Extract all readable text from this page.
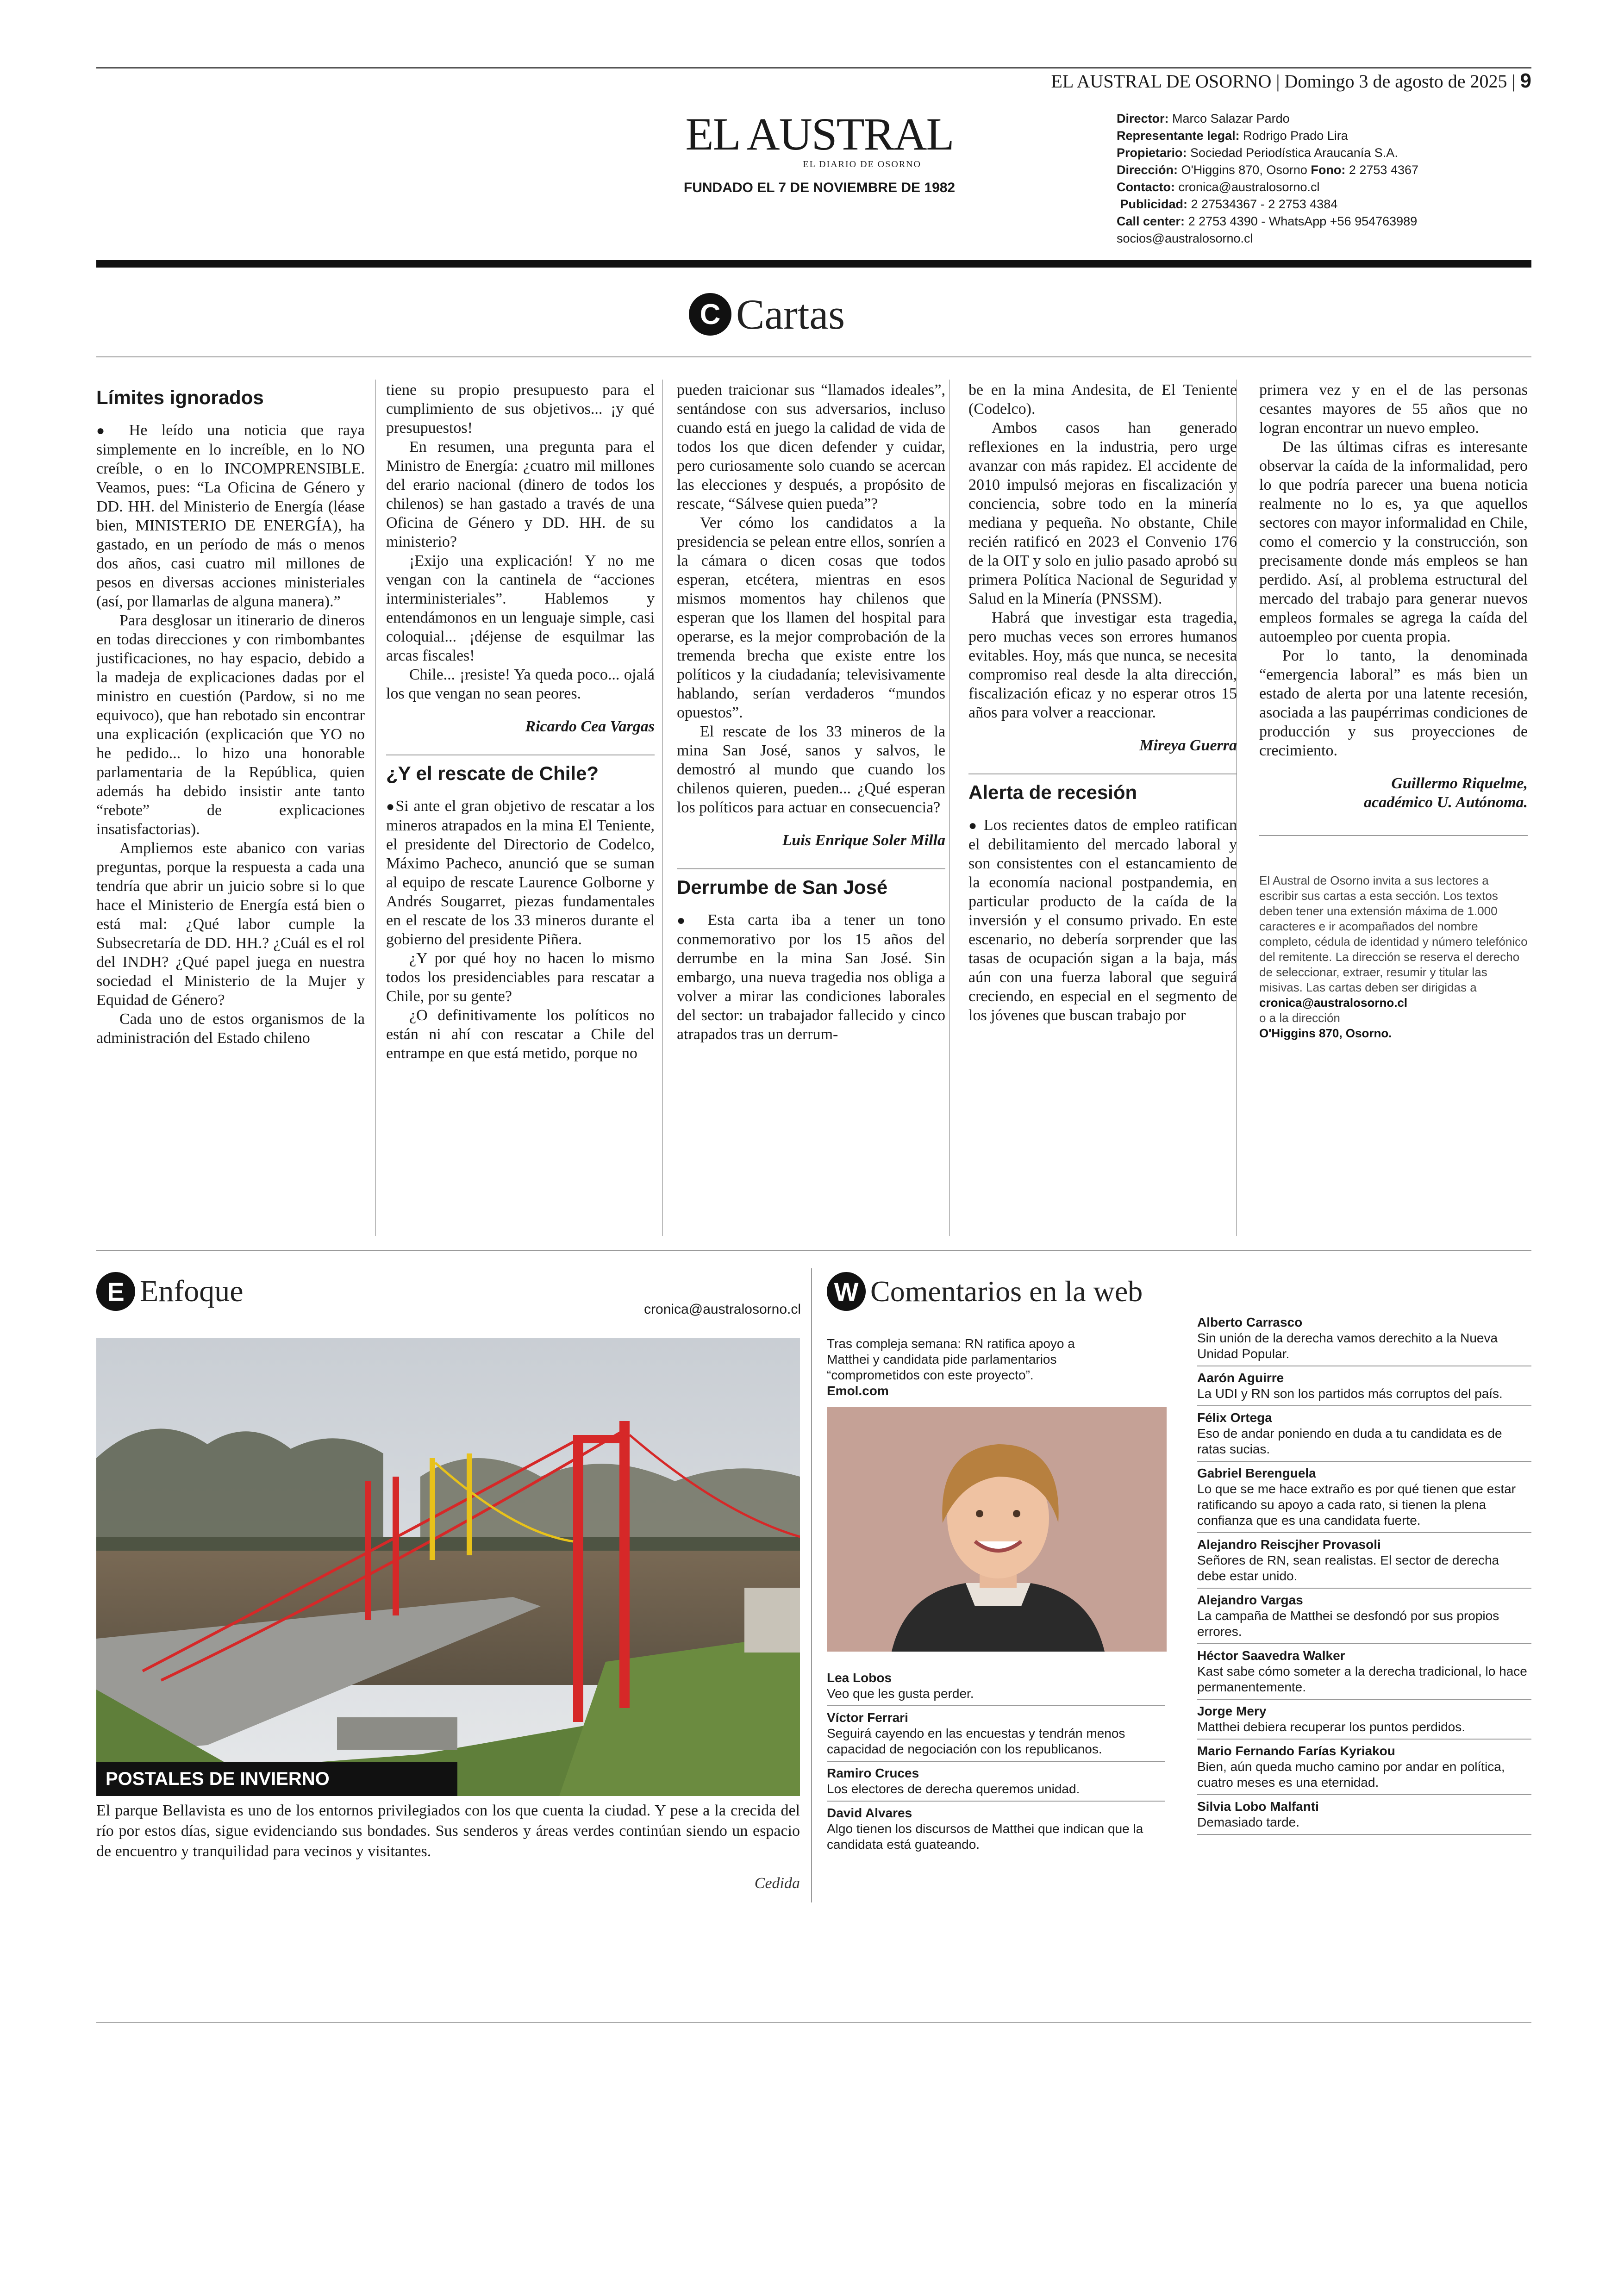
EL AUSTRAL DE OSORNO | Domingo 3 de agosto de 2025 | 9
EL AUSTRAL
EL DIARIO DE OSORNO
FUNDADO EL 7 DE NOVIEMBRE DE 1982
Director: Marco Salazar Pardo
Representante legal: Rodrigo Prado Lira
Propietario: Sociedad Periodística Araucanía S.A.
Dirección: O'Higgins 870, Osorno Fono: 2 2753 4367
Contacto: cronica@australosorno.cl
Publicidad: 2 27534367 - 2 2753 4384
Call center: 2 2753 4390 - WhatsApp +56 954763989
socios@australosorno.cl
C Cartas
Límites ignorados

● He leído una noticia que raya simplemente en lo increíble, en lo NO creíble, o en lo INCOMPRENSIBLE. Veamos, pues: “La Oficina de Género y DD. HH. del Ministerio de Energía (léase bien, MINISTERIO DE ENERGÍA), ha gastado, en un período de más o menos dos años, casi cuatro mil millones de pesos en diversas acciones ministeriales (así, por llamarlas de alguna manera).”

Para desglosar un itinerario de dineros en todas direcciones y con rimbombantes justificaciones, no hay espacio, debido a la madeja de explicaciones dadas por el ministro en cuestión (Pardow, si no me equivoco), que han rebotado sin encontrar una explicación (explicación que YO no he pedido... lo hizo una honorable parlamentaria de la República, quien además ha debido insistir ante tanto “rebote” de explicaciones insatisfactorias).

Ampliemos este abanico con varias preguntas, porque la respuesta a cada una tendría que abrir un juicio sobre si lo que hace el Ministerio de Energía está bien o está mal: ¿Qué labor cumple la Subsecretaría de DD. HH.? ¿Cuál es el rol del INDH? ¿Qué papel juega en nuestra sociedad el Ministerio de la Mujer y Equidad de Género?

Cada uno de estos organismos de la administración del Estado chileno

tiene su propio presupuesto para el cumplimiento de sus objetivos... ¡y qué presupuestos!

En resumen, una pregunta para el Ministro de Energía: ¿cuatro mil millones del erario nacional (dinero de todos los chilenos) se han gastado a través de una Oficina de Género y DD. HH. de su ministerio?

¡Exijo una explicación! Y no me vengan con la cantinela de “acciones interministeriales”. Hablemos y entendámonos en un lenguaje simple, casi coloquial... ¡déjense de esquilmar las arcas fiscales!

Chile... ¡resiste! Ya queda poco... ojalá los que vengan no sean peores.

Ricardo Cea Vargas

¿Y el rescate de Chile?

●Si ante el gran objetivo de rescatar a los mineros atrapados en la mina El Teniente, el presidente del Directorio de Codelco, Máximo Pacheco, anunció que se suman al equipo de rescate Laurence Golborne y Andrés Sougarret, piezas fundamentales en el rescate de los 33 mineros durante el gobierno del presidente Piñera.

¿Y por qué hoy no hacen lo mismo todos los presidenciables para rescatar a Chile, por su gente?

¿O definitivamente los políticos no están ni ahí con rescatar a Chile del entrampe en que está metido, porque no

pueden traicionar sus “llamados ideales”, sentándose con sus adversarios, incluso cuando está en juego la calidad de vida de todos los que dicen defender y cuidar, pero curiosamente solo cuando se acercan las elecciones y después, a propósito de rescate, “Sálvese quien pueda”?

Ver cómo los candidatos a la presidencia se pelean entre ellos, sonríen a la cámara o dicen cosas que todos esperan, etcétera, mientras en esos mismos momentos hay chilenos que esperan que los llamen del hospital para operarse, es la mejor comprobación de la tremenda brecha que existe entre los políticos y la ciudadanía; televisivamente hablando, serían verdaderos “mundos opuestos”.

El rescate de los 33 mineros de la mina San José, sanos y salvos, le demostró al mundo que cuando los chilenos quieren, pueden... ¿Qué esperan los políticos para actuar en consecuencia?

Luis Enrique Soler Milla

Derrumbe de San José

● Esta carta iba a tener un tono conmemorativo por los 15 años del derrumbe en la mina San José. Sin embargo, una nueva tragedia nos obliga a volver a mirar las condiciones laborales del sector: un trabajador fallecido y cinco atrapados tras un derrum-

be en la mina Andesita, de El Teniente (Codelco).

Ambos casos han generado reflexiones en la industria, pero urge avanzar con más rapidez. El accidente de 2010 impulsó mejoras en fiscalización y conciencia, sobre todo en la minería mediana y pequeña. No obstante, Chile recién ratificó en 2023 el Convenio 176 de la OIT y solo en julio pasado aprobó su primera Política Nacional de Seguridad y Salud en la Minería (PNSSM).

Habrá que investigar esta tragedia, pero muchas veces son errores humanos evitables. Hoy, más que nunca, se necesita compromiso real desde la alta dirección, fiscalización eficaz y no esperar otros 15 años para volver a reaccionar.

Mireya Guerra

Alerta de recesión

● Los recientes datos de empleo ratifican el debilitamiento del mercado laboral y son consistentes con el estancamiento de la economía nacional postpandemia, en particular producto de la caída de la inversión y el consumo privado. En este escenario, no debería sorprender que las tasas de ocupación sigan a la baja, más aún con una fuerza laboral que seguirá creciendo, en especial en el segmento de los jóvenes que buscan trabajo por

primera vez y en el de las personas cesantes mayores de 55 años que no logran encontrar un nuevo empleo.

De las últimas cifras es interesante observar la caída de la informalidad, pero lo que podría parecer una buena noticia realmente no lo es, ya que aquellos sectores con mayor informalidad en Chile, como el comercio y la construcción, son precisamente donde más empleos se han perdido. Así, al problema estructural del mercado del trabajo para generar nuevos empleos formales se agrega la caída del autoempleo por cuenta propia.

Por lo tanto, la denominada “emergencia laboral” es más bien un estado de alerta por una latente recesión, asociada a las paupérrimas condiciones de producción y sus proyecciones de crecimiento.

Guillermo Riquelme,

académico U. Autónoma.

El Austral de Osorno invita a sus lectores a escribir sus cartas a esta sección. Los textos deben tener una extensión máxima de 1.000 caracteres e ir acompañados del nombre completo, cédula de identidad y número telefónico del remitente. La dirección se reserva el derecho de seleccionar, extraer, resumir y titular las misivas. Las cartas deben ser dirigidas a
cronica@australosorno.cl
o a la dirección
O'Higgins 870, Osorno.
E Enfoque
cronica@australosorno.cl
POSTALES DE INVIERNO
El parque Bellavista es uno de los entornos privilegiados con los que cuenta la ciudad. Y pese a la crecida del río por estos días, sigue evidenciando sus bondades. Sus senderos y áreas verdes continúan siendo un espacio de encuentro y tranquilidad para vecinos y visitantes.
Cedida
W Comentarios en la web
Tras compleja semana: RN ratifica apoyo a Matthei y candidata pide parlamentarios “comprometidos con este proyecto”. Emol.com
Lea Lobos
Veo que les gusta perder.
Víctor Ferrari
Seguirá cayendo en las encuestas y tendrán menos capacidad de negociación con los republicanos.
Ramiro Cruces
Los electores de derecha queremos unidad.
David Alvares
Algo tienen los discursos de Matthei que indican que la candidata está guateando.
Alberto Carrasco
Sin unión de la derecha vamos derechito a la Nueva Unidad Popular.
Aarón Aguirre
La UDI y RN son los partidos más corruptos del país.
Félix Ortega
Eso de andar poniendo en duda a tu candidata es de ratas sucias.
Gabriel Berenguela
Lo que se me hace extraño es por qué tienen que estar ratificando su apoyo a cada rato, si tienen la plena confianza que es una candidata fuerte.
Alejandro Reiscjher Provasoli
Señores de RN, sean realistas. El sector de derecha debe estar unido.
Alejandro Vargas
La campaña de Matthei se desfondó por sus propios errores.
Héctor Saavedra Walker
Kast sabe cómo someter a la derecha tradicional, lo hace permanentemente.
Jorge Mery
Matthei debiera recuperar los puntos perdidos.
Mario Fernando Farías Kyriakou
Bien, aún queda mucho camino por andar en política, cuatro meses es una eternidad.
Silvia Lobo Malfanti
Demasiado tarde.
